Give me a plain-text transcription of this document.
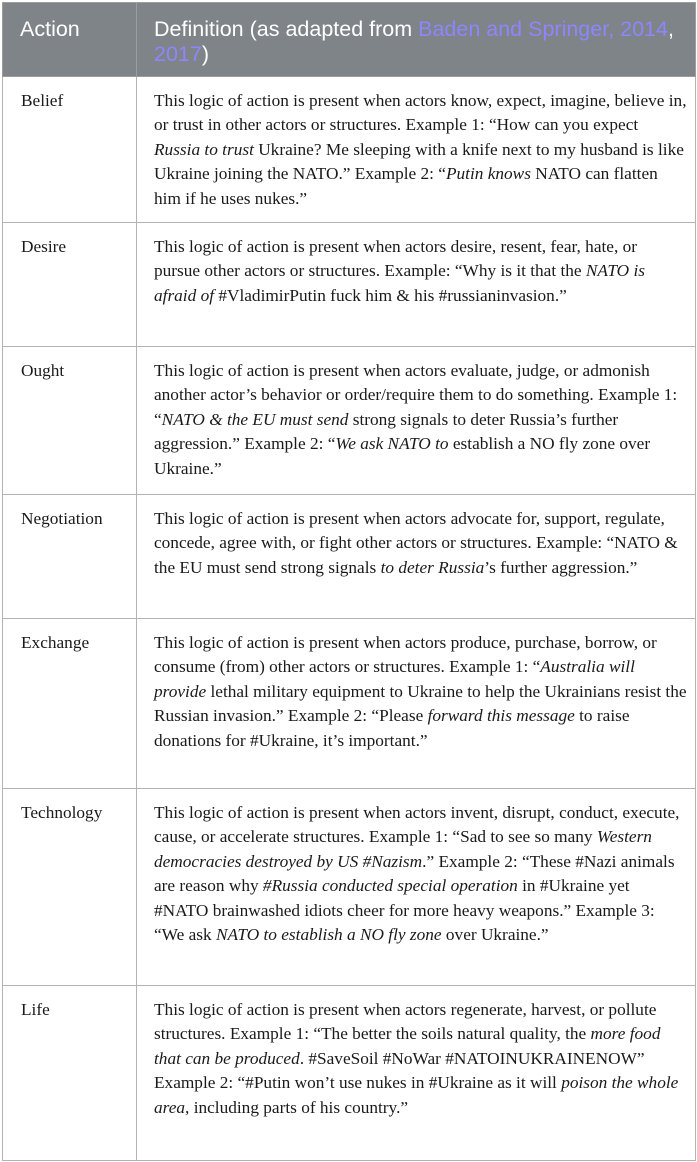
Action	Definition (as adapted from Baden and Springer, 2014, 2017)
Belief	This logic of action is present when actors know, expect, imagine, believe in, or trust in other actors or structures. Example 1: “How can you expect Russia to trust Ukraine? Me sleeping with a knife next to my husband is like Ukraine joining the NATO.” Example 2: “Putin knows NATO can flatten him if he uses nukes.”
Desire	This logic of action is present when actors desire, resent, fear, hate, or pursue other actors or structures. Example: “Why is it that the NATO is afraid of #VladimirPutin fuck him & his #russianinvasion.”
Ought	This logic of action is present when actors evaluate, judge, or admonish another actor’s behavior or order/require them to do something. Example 1: “NATO & the EU must send strong signals to deter Russia’s further aggression.” Example 2: “We ask NATO to establish a NO fly zone over Ukraine.”
Negotiation	This logic of action is present when actors advocate for, support, regulate, concede, agree with, or fight other actors or structures. Example: “NATO & the EU must send strong signals to deter Russia’s further aggression.”
Exchange	This logic of action is present when actors produce, purchase, borrow, or consume (from) other actors or structures. Example 1: “Australia will provide lethal military equipment to Ukraine to help the Ukrainians resist the Russian invasion.” Example 2: “Please forward this message to raise donations for #Ukraine, it’s important.”
Technology	This logic of action is present when actors invent, disrupt, conduct, execute, cause, or accelerate structures. Example 1: “Sad to see so many Western democracies destroyed by US #Nazism.” Example 2: “These #Nazi animals are reason why #Russia conducted special operation in #Ukraine yet #NATO brainwashed idiots cheer for more heavy weapons.” Example 3: “We ask NATO to establish a NO fly zone over Ukraine.”
Life	This logic of action is present when actors regenerate, harvest, or pollute structures. Example 1: “The better the soils natural quality, the more food that can be produced. #SaveSoil #NoWar #NATOINUKRAINENOW” Example 2: “#Putin won’t use nukes in #Ukraine as it will poison the whole area, including parts of his country.”
